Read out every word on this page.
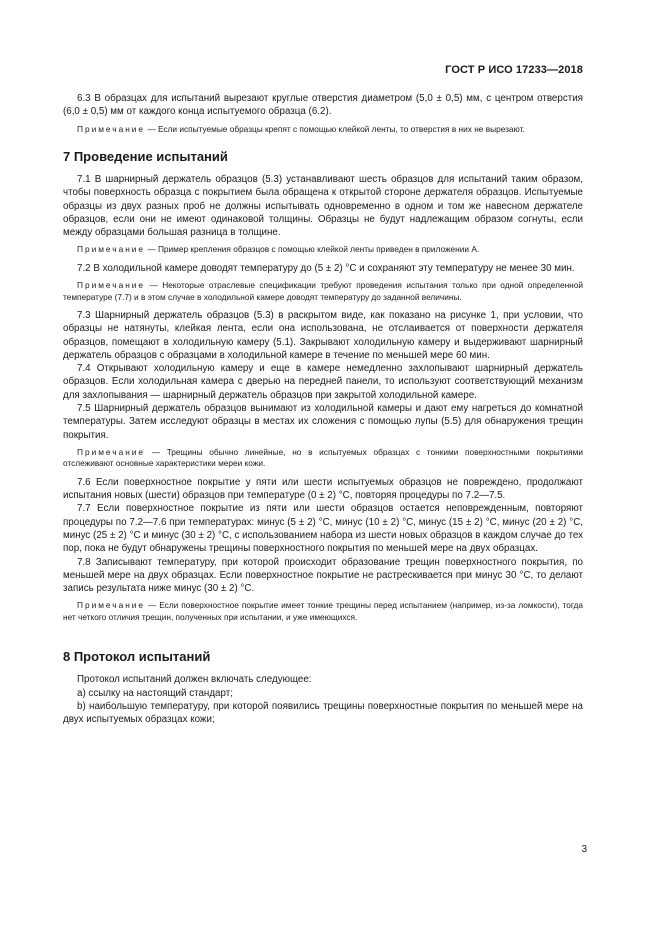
ГОСТ Р ИСО 17233—2018

6.3 В образцах для испытаний вырезают круглые отверстия диаметром (5,0 ± 0,5) мм, с центром отверстия (6,0 ± 0,5) мм от каждого конца испытуемого образца (6.2).

Примечание — Если испытуемые образцы крепят с помощью клейкой ленты, то отверстия в них не вырезают.

7 Проведение испытаний

7.1 В шарнирный держатель образцов (5.3) устанавливают шесть образцов для испытаний таким образом, чтобы поверхность образца с покрытием была обращена к открытой стороне держателя образцов. Испытуемые образцы из двух разных проб не должны испытывать одновременно в одном и том же навесном держателе образцов, если они не имеют одинаковой толщины. Образцы не будут надлежащим образом согнуты, если между образцами большая разница в толщине.

Примечание — Пример крепления образцов с помощью клейкой ленты приведен в приложении А.

7.2 В холодильной камере доводят температуру до (5 ± 2) °C и сохраняют эту температуру не менее 30 мин.

Примечание — Некоторые отраслевые спецификации требуют проведения испытания только при одной определенной температуре (7.7) и в этом случае в холодильной камере доводят температуру до заданной величины.

7.3 Шарнирный держатель образцов (5.3) в раскрытом виде, как показано на рисунке 1, при условии, что образцы не натянуты, клейкая лента, если она использована, не отслаивается от поверхности держателя образцов, помещают в холодильную камеру (5.1). Закрывают холодильную камеру и выдерживают шарнирный держатель образцов с образцами в холодильной камере в течение по меньшей мере 60 мин.

7.4 Открывают холодильную камеру и еще в камере немедленно захлопывают шарнирный держатель образцов. Если холодильная камера с дверью на передней панели, то используют соответствующий механизм для захлопывания — шарнирный держатель образцов при закрытой холодильной камере.

7.5 Шарнирный держатель образцов вынимают из холодильной камеры и дают ему нагреться до комнатной температуры. Затем исследуют образцы в местах их сложения с помощью лупы (5.5) для обнаружения трещин покрытия.

Примечание — Трещины обычно линейные, но в испытуемых образцах с тонкими поверхностными покрытиями отслеживают основные характеристики мереи кожи.

7.6 Если поверхностное покрытие у пяти или шести испытуемых образцов не повреждено, продолжают испытания новых (шести) образцов при температуре (0 ± 2) °C, повторяя процедуры по 7.2—7.5.

7.7 Если поверхностное покрытие из пяти или шести образцов остается неповрежденным, повторяют процедуры по 7.2—7.6 при температурах: минус (5 ± 2) °C, минус (10 ± 2) °C, минус (15 ± 2) °C, минус (20 ± 2) °C, минус (25 ± 2) °C и минус (30 ± 2) °C, с использованием набора из шести новых образцов в каждом случае до тех пор, пока не будут обнаружены трещины поверхностного покрытия по меньшей мере на двух образцах.

7.8 Записывают температуру, при которой происходит образование трещин поверхностного покрытия, по меньшей мере на двух образцах. Если поверхностное покрытие не растрескивается при минус 30 °C, то делают запись результата ниже минус (30 ± 2) °C.

Примечание — Если поверхностное покрытие имеет тонкие трещины перед испытанием (например, из-за ломкости), тогда нет четкого отличия трещин, полученных при испытании, и уже имеющихся.

8 Протокол испытаний

Протокол испытаний должен включать следующее:

а) ссылку на настоящий стандарт;

b) наибольшую температуру, при которой появились трещины поверхностные покрытия по меньшей мере на двух испытуемых образцах кожи;

3
